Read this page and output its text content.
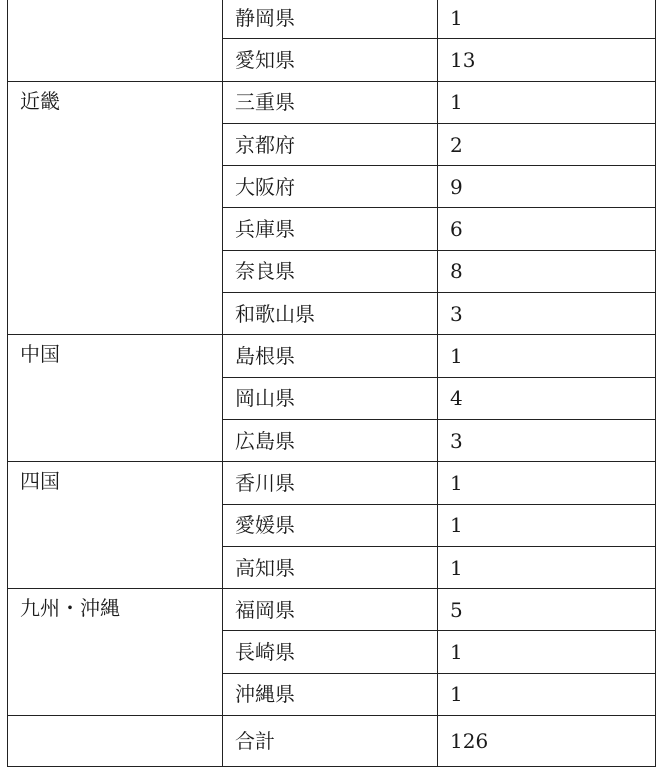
	静岡県	1
	愛知県	13
近畿	三重県	1
	京都府	2
	大阪府	9
	兵庫県	6
	奈良県	8
	和歌山県	3
中国	島根県	1
	岡山県	4
	広島県	3
四国	香川県	1
	愛媛県	1
	高知県	1
九州・沖縄	福岡県	5
	長崎県	1
	沖縄県	1
	合計	126
